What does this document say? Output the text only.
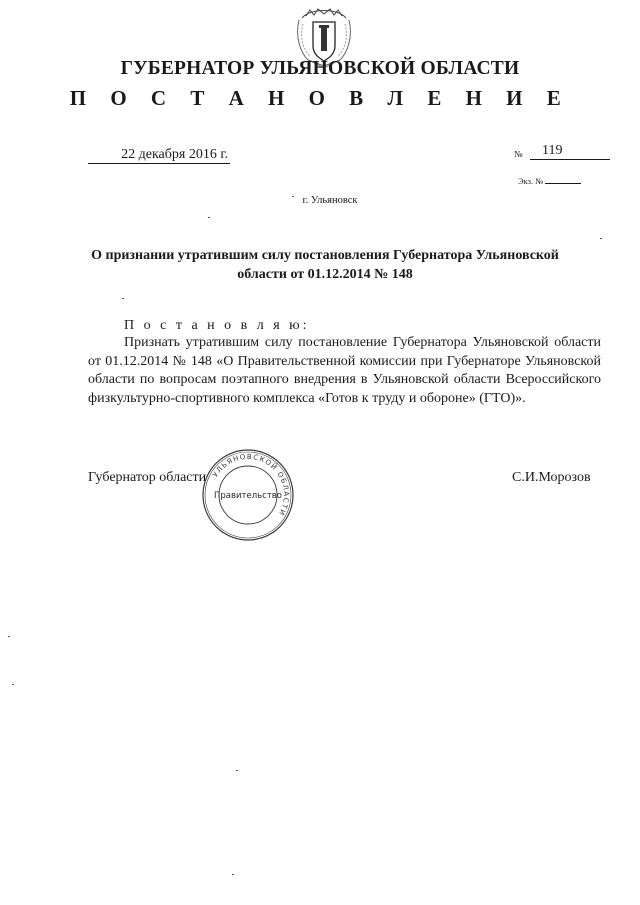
ГУБЕРНАТОР УЛЬЯНОВСКОЙ ОБЛАСТИ
П О С Т А Н О В Л Е Н И Е
22 декабря 2016 г.	№	119
Экз. №
г. Ульяновск
О признании утратившим силу постановления Губернатора Ульяновской области от 01.12.2014 № 148
П о с т а н о в л я ю:
Признать утратившим силу постановление Губернатора Ульяновской области от 01.12.2014 № 148 «О Правительственной комиссии при Губернаторе Ульяновской области по вопросам поэтапного внедрения в Ульяновской области Всероссийского физкультурно-спортивного комплекса «Готов к труду и обороне» (ГТО)».
Губернатор области	С.И.Морозов
УЛЬЯНОВСКОЙ ОБЛАСТИ
Правительство
